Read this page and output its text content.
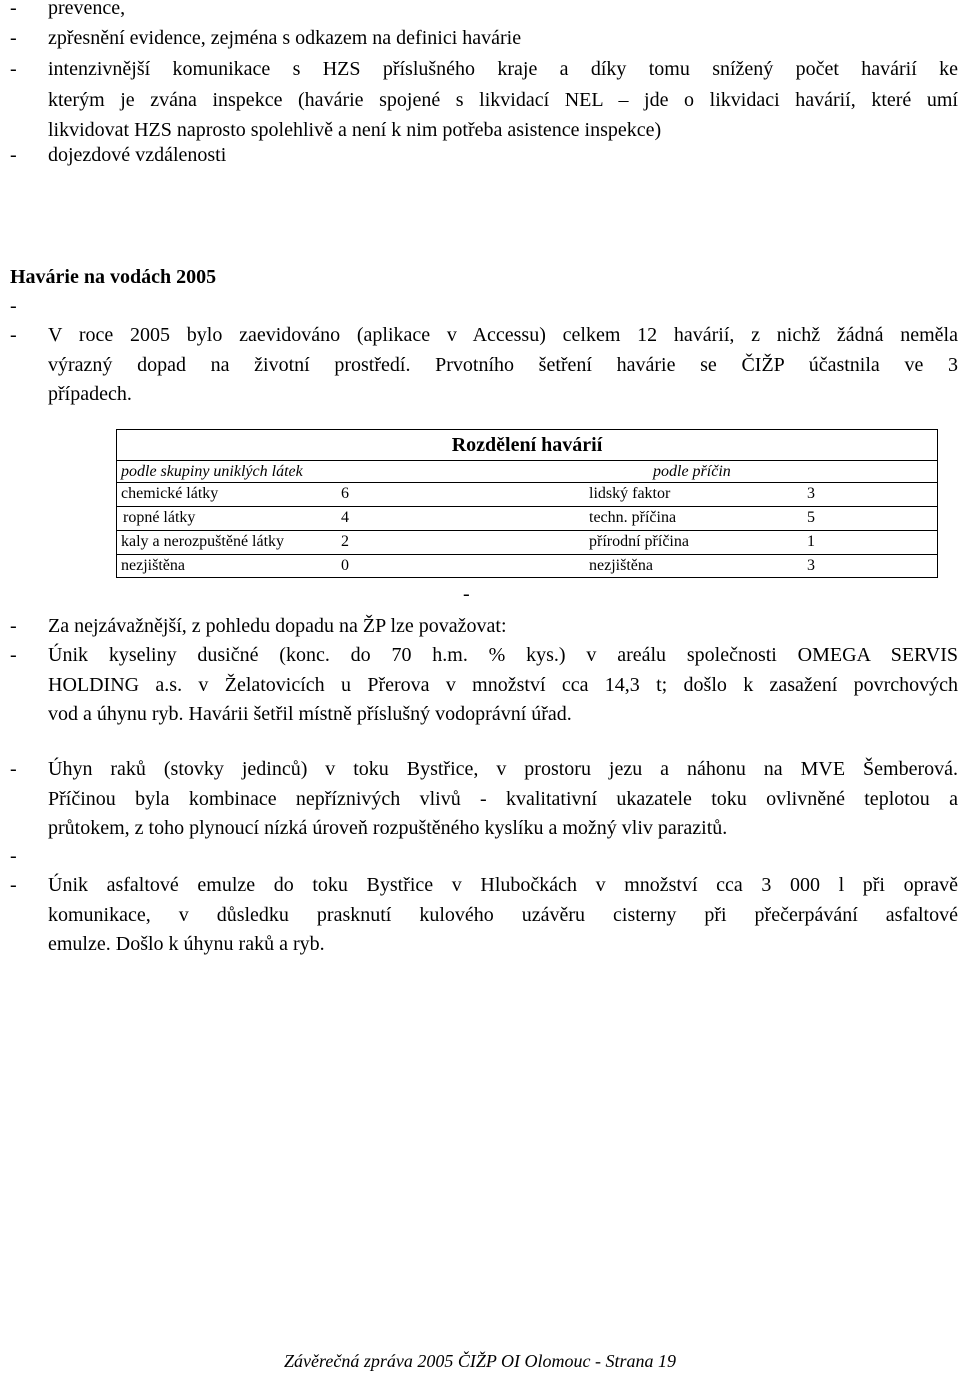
- prevence,
- zpřesnění evidence, zejména s odkazem na definici havárie
- intenzivnější komunikace s HZS příslušného kraje a díky tomu snížený počet havárií ke
kterým je zvána inspekce (havárie spojené s likvidací NEL – jde o likvidaci havárií, které umí
likvidovat HZS naprosto spolehlivě a není k nim potřeba asistence inspekce)
- dojezdové vzdálenosti
Havárie na vodách 2005
-
- V roce 2005 bylo zaevidováno (aplikace v Accessu) celkem 12 havárií, z nichž žádná neměla
výrazný dopad na životní prostředí. Prvotního šetření havárie se ČIŽP účastnila ve 3
případech.
Rozdělení havárií
podle skupiny uniklých látek	podle příčin
chemické látky	6	lidský faktor	3
ropné látky	4	techn. příčina	5
kaly a nerozpuštěné látky	2	přírodní příčina	1
nezjištěna	0	nezjištěna	3
-
- Za nejzávažnější, z pohledu dopadu na ŽP lze považovat:
- Únik kyseliny dusičné (konc. do 70 h.m. % kys.) v areálu společnosti OMEGA SERVIS
HOLDING a.s. v Želatovicích u Přerova v množství cca 14,3 t; došlo k zasažení povrchových
vod a úhynu ryb. Havárii šetřil místně příslušný vodoprávní úřad.
- Úhyn raků (stovky jedinců) v toku Bystřice, v prostoru jezu a náhonu na MVE Šemberová.
Příčinou byla kombinace nepříznivých vlivů - kvalitativní ukazatele toku ovlivněné teplotou a
průtokem, z toho plynoucí nízká úroveň rozpuštěného kyslíku a možný vliv parazitů.
-
- Únik asfaltové emulze do toku Bystřice v Hlubočkách v množství cca 3 000 l při opravě
komunikace, v důsledku prasknutí kulového uzávěru cisterny při přečerpávání asfaltové
emulze. Došlo k úhynu raků a ryb.
Závěrečná zpráva 2005 ČIŽP OI Olomouc - Strana 19
